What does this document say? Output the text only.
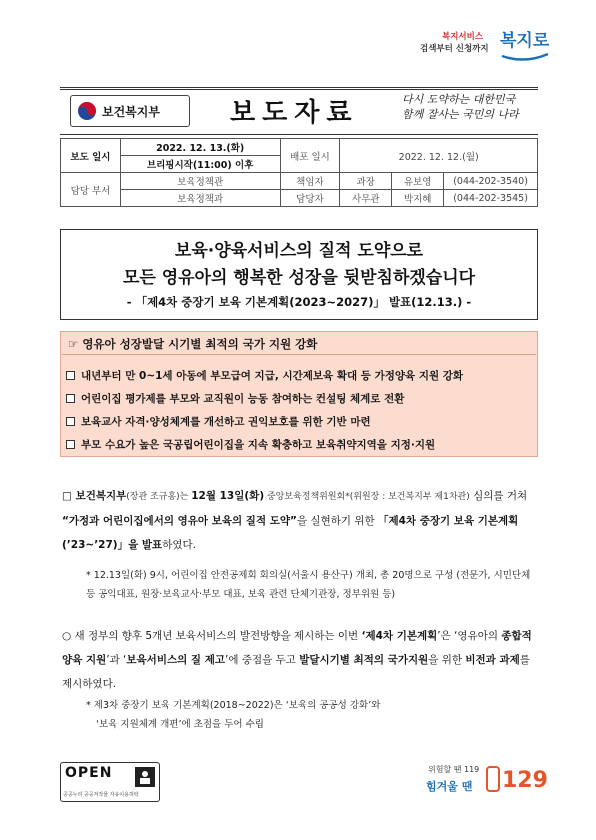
복지서비스
검색부터 신청까지 복지로
보건복지부	보도자료	다시 도약하는 대한민국
함께 잘사는 국민의 나라
보도 일시	2022. 12. 13.(화)	배포 일시	2022. 12. 12.(월)		
	브리핑시작(11:00) 이후				
담당 부서	보육정책관	책임자	과장	유보영	(044-202-3540)
	보육정책과	담당자	사무관	박지혜	(044-202-3545)
보육·양육서비스의 질적 도약으로
모든 영유아의 행복한 성장을 뒷받침하겠습니다
- 「제4차 중장기 보육 기본계획(2023~2027)」 발표(12.13.) -
☞ 영유아 성장발달 시기별 최적의 국가 지원 강화
내년부터 만 0~1세 아동에 부모급여 지급, 시간제보육 확대 등 가정양육 지원 강화
어린이집 평가제를 부모와 교직원이 능동 참여하는 컨설팅 체계로 전환
보육교사 자격·양성체계를 개선하고 권익보호를 위한 기반 마련
부모 수요가 높은 국공립어린이집을 지속 확충하고 보육취약지역을 지정·지원
□ 보건복지부(장관 조규홍)는 12월 13일(화) 중앙보육정책위원회*(위원장 : 보건복지부 제1차관) 심의를 거쳐 “가정과 어린이집에서의 영유아 보육의 질적 도약”을 실현하기 위한 「제4차 중장기 보육 기본계획(’23~’27)」을 발표하였다.
* 12.13일(화) 9시, 어린이집 안전공제회 회의실(서울시 용산구) 개최, 총 20명으로 구성 (전문가, 시민단체 등 공익대표, 원장·보육교사·부모 대표, 보육 관련 단체기관장, 정부위원 등)
○ 새 정부의 향후 5개년 보육서비스의 발전방향을 제시하는 이번 ‘제4차 기본계획’은 ‘영유아의 종합적 양육 지원’과 ‘보육서비스의 질 제고’에 중점을 두고 발달시기별 최적의 국가지원을 위한 비전과 과제를 제시하였다.
* 제3차 중장기 보육 기본계획(2018~2022)은 ‘보육의 공공성 강화’와
‘보육 지원체계 개편’에 초점을 두어 수립
OPEN
공공누리 공공저작물 자유이용허락
위험할 땐 119
힘겨울 땐 129
